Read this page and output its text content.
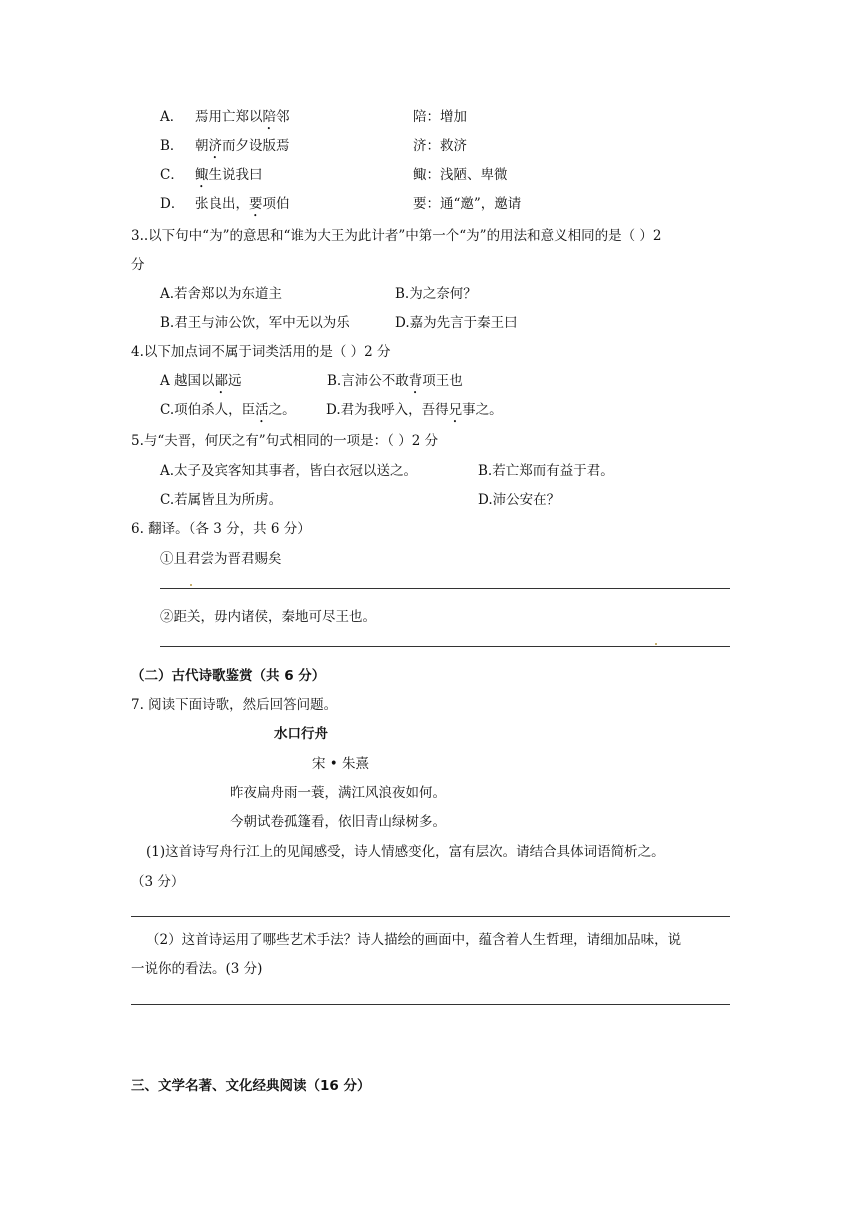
A． 焉用亡郑以陪邻	陪：增加
B． 朝济而夕设版焉	济：救济
C． 鲰生说我曰	鲰：浅陋、卑微
D． 张良出，要项伯	要：通“邀”，邀请
3..以下句中“为”的意思和“谁为大王为此计者”中第一个“为”的用法和意义相同的是（ ）2
分
A.若舍郑以为东道主	B.为之奈何？
B.君王与沛公饮，军中无以为乐	D.嘉为先言于秦王曰
4.以下加点词不属于词类活用的是（ ）2 分
A 越国以鄙远	B.言沛公不敢背项王也
C.项伯杀人，臣活之。 D.君为我呼入，吾得兄事之。
5.与“夫晋，何厌之有”句式相同的一项是：（ ）2 分
A.太子及宾客知其事者，皆白衣冠以送之。	B.若亡郑而有益于君。
C.若属皆且为所虏。	D.沛公安在？
6. 翻译。（各 3 分，共 6 分）
①且君尝为晋君赐矣
②距关，毋内诸侯，秦地可尽王也。
（二）古代诗歌鉴赏（共 6 分）
7. 阅读下面诗歌，然后回答问题。
水口行舟
宋 • 朱熹
昨夜扁舟雨一蓑，满江风浪夜如何。
今朝试卷孤篷看，依旧青山绿树多。
(1)这首诗写舟行江上的见闻感受，诗人情感变化，富有层次。请结合具体词语简析之。
（3 分）
（2）这首诗运用了哪些艺术手法？诗人描绘的画面中，蕴含着人生哲理，请细加品味，说
一说你的看法。(3 分)
三、文学名著、文化经典阅读（16 分）
